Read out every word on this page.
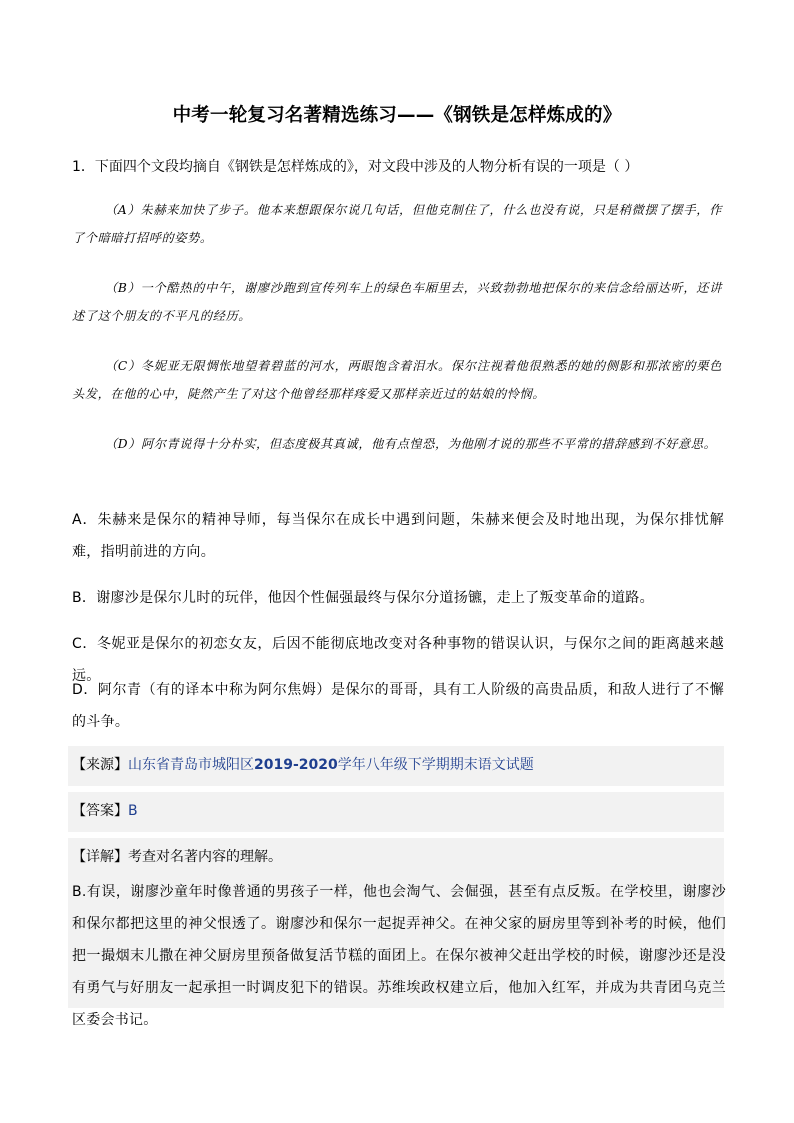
中考一轮复习名著精选练习——《钢铁是怎样炼成的》
1．下面四个文段均摘自《钢铁是怎样炼成的》，对文段中涉及的人物分析有误的一项是（ ）
（A）朱赫来加快了步子。他本来想跟保尔说几句话，但他克制住了，什么也没有说，只是稍微摆了摆手，作了个暗暗打招呼的姿势。
（B）一个酷热的中午，谢廖沙跑到宣传列车上的绿色车厢里去，兴致勃勃地把保尔的来信念给丽达听，还讲述了这个朋友的不平凡的经历。
（C）冬妮亚无限惆怅地望着碧蓝的河水，两眼饱含着泪水。保尔注视着他很熟悉的她的侧影和那浓密的栗色头发，在他的心中，陡然产生了对这个他曾经那样疼爱又那样亲近过的姑娘的怜悯。
（D）阿尔青说得十分朴实，但态度极其真诚，他有点惶恐，为他刚才说的那些不平常的措辞感到不好意思。
A．朱赫来是保尔的精神导师，每当保尔在成长中遇到问题，朱赫来便会及时地出现，为保尔排忧解难，指明前进的方向。
B．谢廖沙是保尔儿时的玩伴，他因个性倔强最终与保尔分道扬镳，走上了叛变革命的道路。
C．冬妮亚是保尔的初恋女友，后因不能彻底地改变对各种事物的错误认识，与保尔之间的距离越来越远。
D．阿尔青（有的译本中称为阿尔焦姆）是保尔的哥哥，具有工人阶级的高贵品质，和敌人进行了不懈的斗争。
【来源】山东省青岛市城阳区2019-2020学年八年级下学期期末语文试题
【答案】B
【详解】考查对名著内容的理解。
B.有误，谢廖沙童年时像普通的男孩子一样，他也会淘气、会倔强，甚至有点反叛。在学校里，谢廖沙和保尔都把这里的神父恨透了。谢廖沙和保尔一起捉弄神父。在神父家的厨房里等到补考的时候，他们把一撮烟末儿撒在神父厨房里预备做复活节糕的面团上。在保尔被神父赶出学校的时候，谢廖沙还是没有勇气与好朋友一起承担一时调皮犯下的错误。苏维埃政权建立后，他加入红军，并成为共青团乌克兰区委会书记。
